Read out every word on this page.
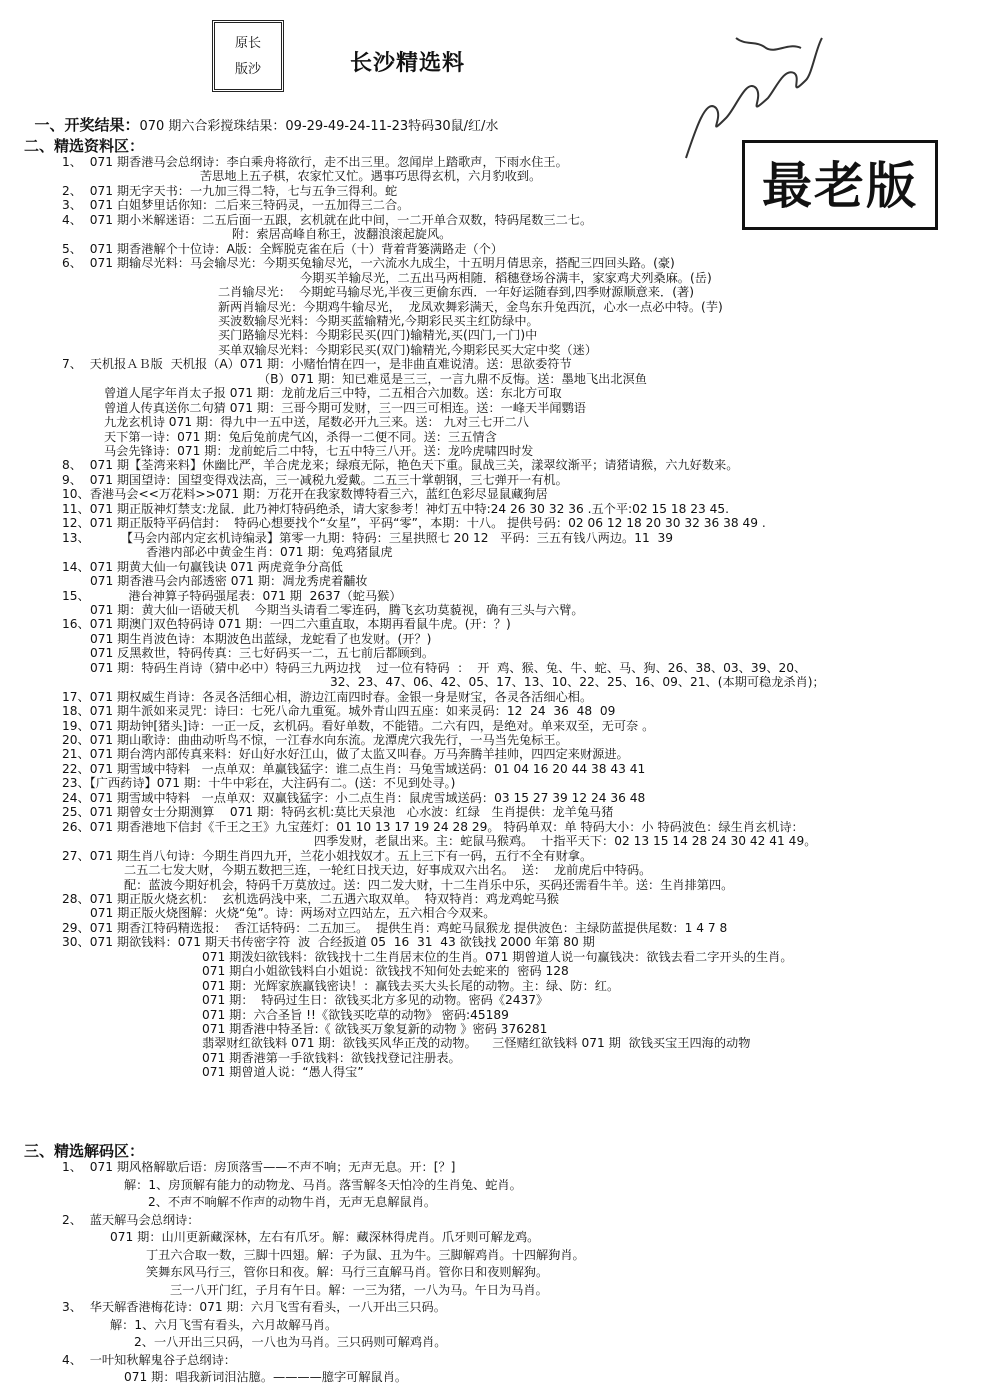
原长
版沙	长沙精选料
最老版

一、开奖结果：070 期六合彩搅珠结果：09-29-49-24-11-23特码30鼠/红/水

二、精选资料区：
三、精选解码区：
1、  071 期香港马会总纲诗：李白乘舟将欲行，走不出三里。忽闻岸上踏歌声，下雨水住王。
苦思地上五子棋，农家忙又忙。遇事巧思得玄机，六月豹收到。
2、  071 期无字天书：一九加三得二特，七与五争三得利。蛇
3、  071 白姐梦里话你知：二后来三特码灵，一五加得三二合。
4、  071 期小米解迷语：二五后面一五跟，玄机就在此中间，一二开单合双数，特码尾数三二七。
附：索居高峰自称王，波翻浪滚起旋风。
5、  071 期香港解个十位诗：A版：全辉脱克雀在后（十）背着背篓满路走（个）
6、  071 期输尽光料：马会输尽光：今期买兔输尽光，一六流水九成尘，十五明月倩思亲，搭配三四回头路。(豪)
今期买羊输尽光，二五出马两相随．稻穗登场谷满丰，家家鸡犬列桑麻。(岳)
二肖输尽光：  今期蛇马输尽光,半夜三更偷东西．一年好运随春到,四季财源顺意来．(著)
新两肖输尽光：今期鸡牛输尽光，  龙凤欢舞彩满天，金鸟东升兔西沉，心水一点必中特。(芋)
买波数输尽光料：今期买蓝输精光,今期彩民买主红防绿中。
买门路输尽光料：今期彩民买(四门)输精光,买(四门,一门)中
买单双输尽光料：今期彩民买(双门)输精光,今期彩民买大定中奖（迷）
7、  天机报ＡＢ版  天机报（A）071 期：小赌怡情在四一，是非曲直难说清。送：思欲委符节
（B）071 期：知已难觅是三三，一言九鼎不反悔。送：墨地飞出北溟鱼
曾道人尾字年肖太子报 071 期：龙前龙后三中特，二五相合六加数。送：东北方可取
曾道人传真送你二句猜 071 期：三哥今期可发财，三一四三可相连。送：一峰天半闻鹦语
九龙玄机诗 071 期：得九中一五中送，尾数必开九三来。送： 九对三七开二八
天下第一诗：071 期：兔后兔前虎气凶，杀得一二便不同。送：三五情含
马会先锋诗：071 期：龙前蛇后二中特，七五中特三八开。送：龙吟虎啸四时发
8、  071 期【荃湾来料】休幽比严，羊合虎龙来；绿痕无际，艳色天下重。鼠战三关，漾翠纹渐平；请猪请猴，六九好数来。
9、  071 期国望诗：国望变得戏法高，三一减税九爱戴。二五三十掌朝钢，三七弹开一有机。
10、香港马会<<万花料>>071 期：万花开在我家数博特看三六，蓝红色彩尽显鼠藏狗居
11、071 期正版神灯禁支:龙鼠．此乃神灯特码绝杀，请大家参考！神灯五中特:24 26 30 32 36 .五个平:02 15 18 23 45.
12、071 期正版特平码信封：  特码心想要找个“女星”，平码“零”，本期：十八。 提供号码：02 06 12 18 20 30 32 36 38 49 .
13、        【马会内部内定玄机诗编录】第零一九期：特码：三星拱照七 20 12   平码：三五有钱八两边。11  39
香港内部必中黄金生肖：071 期：兔鸡猪鼠虎
14、071 期黄大仙一句赢钱诀 071 两虎竟争分高低
071 期香港马会内部透密 071 期：凋龙秀虎着黼妆
15、          港台神算子特码强尾表：071 期  2637（蛇马猴）
071 期：黄大仙一语破天机    今期当头请看二零连码，腾飞玄功莫藐视，确有三头与六臂。
16、071 期澳门双色特码诗 071 期：一四二六重直取，本期再看鼠牛虎。(开：？)
071 期生肖波色诗：本期波色出蓝绿，龙蛇看了也发财。(开？)
071 反黑救世，特码传真：三七好码买一二，五七前后都顾到。
071 期：特码生肖诗（猜中必中）特码三九两边找    过一位有特码  ：  开  鸡、猴、兔、牛、蛇、马、狗、26、38、03、39、20、
32、23、47、06、42、05、17、13、10、22、25、16、09、21、(本期可稳龙杀肖)；
17、071 期权威生肖诗：各灵各活细心相，游边江南四时春。金银一身是财宝，各灵各活细心相。
18、071 期牛派如来灵咒：诗曰：七死八命九重冤。城外青山四五座：如来灵码：12  24  36  48  09
19、071 期劫钟[猪头]诗：一正一反，玄机码。看好单数，不能错。二六有四，是绝对。单来双至，无可奈 。
20、071 期山歌诗：曲曲动听鸟不惊，一江春水向东流。龙潭虎穴我先行，一马当先兔标王。
21、071 期台湾内部传真来料：好山好水好江山，做了太监又叫春。万马奔腾羊挂帅，四四定来财源进。
22、071 期雪域中特料   一点单双：单赢钱猛字：谁二点生肖：马兔雪域送码：01 04 16 20 44 38 43 41
23、【广西药诗】071 期：十牛中彩在，大注码有二。(送：不见到处寻。)
24、071 期雪域中特料   一点单双：双赢钱猛字：小二点生肖：鼠虎雪域送码：03 15 27 39 12 24 36 48
25、071 期曾女士分期测算    071 期：特码玄机:莫比天泉池   心水波：红绿   生肖提供：龙羊兔马猪
26、071 期香港地下信封《千王之王》九宝莲灯：01 10 13 17 19 24 28 29。 特码单双：单 特码大小：小 特码波色：绿生肖玄机诗：
四季发财，老鼠出来。主：蛇鼠马猴鸡。  十指平天下：02 13 15 14 28 24 30 42 41 49。
27、071 期生肖八句诗：今期生肖四九开，兰花小姐找奴才。五上三下有一码，五行不全有财拿。
二五二七发大财，今期五数把三连，一轮红日找天边，好事成双六出名。  送：  龙前虎后中特码。
配：蓝波今期好机会，特码千万莫放过。送：四二发大财，十二生肖乐中乐，买码还需看牛羊。送：生肖排第四。
28、071 期正版火烧玄机：  玄机选码浅中来，二五遇六取双单。  特双特肖：鸡龙鸡蛇马猴
071 期正版火烧图解：火烧“兔”。诗：两场对立四站左，五六相合今双来。
29、071 期香江特码精选报：  香江话特码：二五加三。  提供生肖：鸡蛇马鼠猴龙 提供波色：主绿防蓝提供尾数：1 4 7 8
30、071 期欲钱料：071 期天书传密字符  波  合经扳道 05  16  31  43 欲钱找 2000 年第 80 期
071 期泼妇欲钱料：欲钱找十二生肖居末位的生肖。071 期曾道人说一句赢钱决：欲钱去看二字开头的生肖。
071 期白小姐欲钱料白小姐说：欲钱找不知何处去蛇来的  密码 128
071 期：光辉家族赢钱密诀！：赢钱去买大头长尾的动物。主：绿、防：红。
071 期：  特码过生日：欲钱买北方多见的动物。密码《2437》
071 期：六合圣旨 !!《欲钱买吃草的动物》 密码:45189
071 期香港中特圣旨:《 欲钱买万象复新的动物 》密码 376281
翡翠财红欲钱料 071 期：欲钱买风华正茂的动物。    三怪赌红欲钱料 071 期  欲钱买宝王四海的动物
071 期香港第一手欲钱料：欲钱找登记注册表。
071 期曾道人说：“愚人得宝”
1、  071 期风格解歇后语：房顶落雪——不声不响；无声无息。开：[？]
解：1、房顶解有能力的动物龙、马肖。落雪解冬天怕冷的生肖兔、蛇肖。
2、不声不响解不作声的动物牛肖，无声无息解鼠肖。
2、  蓝天解马会总纲诗：
071 期：山川更新藏深林，左右有爪牙。解：藏深林得虎肖。爪牙则可解龙鸡。
丁丑六合取一数，三脚十四翅。解：子为鼠、丑为牛。三脚解鸡肖。十四解狗肖。
笑舞东风马行三，管你日和夜。解：马行三直解马肖。管你日和夜则解狗。
三一八开门红，子月有午日。解：一三为猪，一八为马。午日为马肖。
3、  华天解香港梅花诗：071 期：六月飞雪有看头，一八开出三只码。
解：1、六月飞雪有看头，六月故解马肖。
2、一八开出三只码，一八也为马肖。三只码则可解鸡肖。
4、  一叶知秋解鬼谷子总纲诗：
071 期：唱我新词泪沾臆。————臆字可解鼠肖。
